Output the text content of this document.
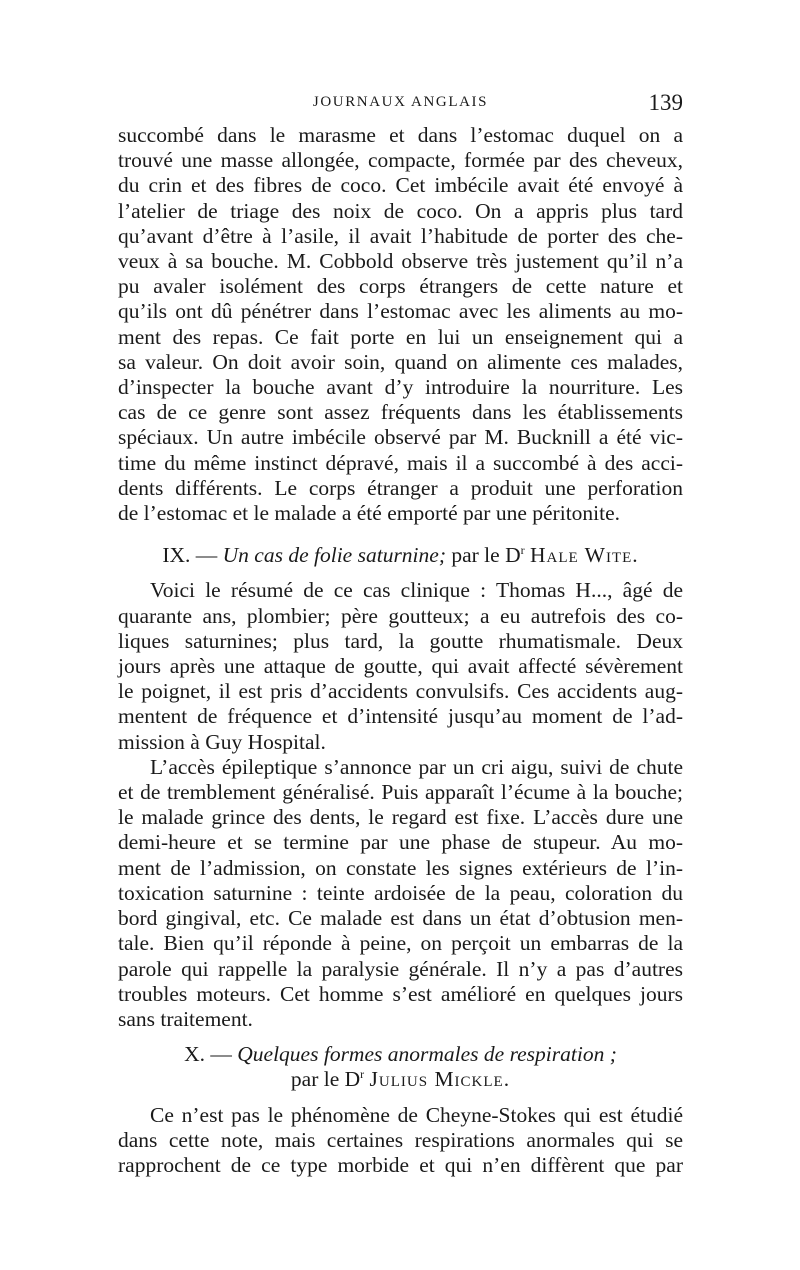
JOURNAUX ANGLAIS	139
succombé dans le marasme et dans l’estomac duquel on a
trouvé une masse allongée, compacte, formée par des cheveux,
du crin et des fibres de coco. Cet imbécile avait été envoyé à
l’atelier de triage des noix de coco. On a appris plus tard
qu’avant d’être à l’asile, il avait l’habitude de porter des che-
veux à sa bouche. M. Cobbold observe très justement qu’il n’a
pu avaler isolément des corps étrangers de cette nature et
qu’ils ont dû pénétrer dans l’estomac avec les aliments au mo-
ment des repas. Ce fait porte en lui un enseignement qui a
sa valeur. On doit avoir soin, quand on alimente ces malades,
d’inspecter la bouche avant d’y introduire la nourriture. Les
cas de ce genre sont assez fréquents dans les établissements
spéciaux. Un autre imbécile observé par M. Bucknill a été vic-
time du même instinct dépravé, mais il a succombé à des acci-
dents différents. Le corps étranger a produit une perforation
de l’estomac et le malade a été emporté par une péritonite.
IX. — Un cas de folie saturnine; par le $D^r$ Hale Wite.
Voici le résumé de ce cas clinique : Thomas H..., âgé de
quarante ans, plombier; père goutteux; a eu autrefois des co-
liques saturnines; plus tard, la goutte rhumatismale. Deux
jours après une attaque de goutte, qui avait affecté sévèrement
le poignet, il est pris d’accidents convulsifs. Ces accidents aug-
mentent de fréquence et d’intensité jusqu’au moment de l’ad-
mission à Guy Hospital.
L’accès épileptique s’annonce par un cri aigu, suivi de chute
et de tremblement généralisé. Puis apparaît l’écume à la bouche;
le malade grince des dents, le regard est fixe. L’accès dure une
demi-heure et se termine par une phase de stupeur. Au mo-
ment de l’admission, on constate les signes extérieurs de l’in-
toxication saturnine : teinte ardoisée de la peau, coloration du
bord gingival, etc. Ce malade est dans un état d’obtusion men-
tale. Bien qu’il réponde à peine, on perçoit un embarras de la
parole qui rappelle la paralysie générale. Il n’y a pas d’autres
troubles moteurs. Cet homme s’est amélioré en quelques jours
sans traitement.
X. — Quelques formes anormales de respiration ;
par le $D^r$ Julius Mickle.
Ce n’est pas le phénomène de Cheyne-Stokes qui est étudié
dans cette note, mais certaines respirations anormales qui se
rapprochent de ce type morbide et qui n’en diffèrent que par
